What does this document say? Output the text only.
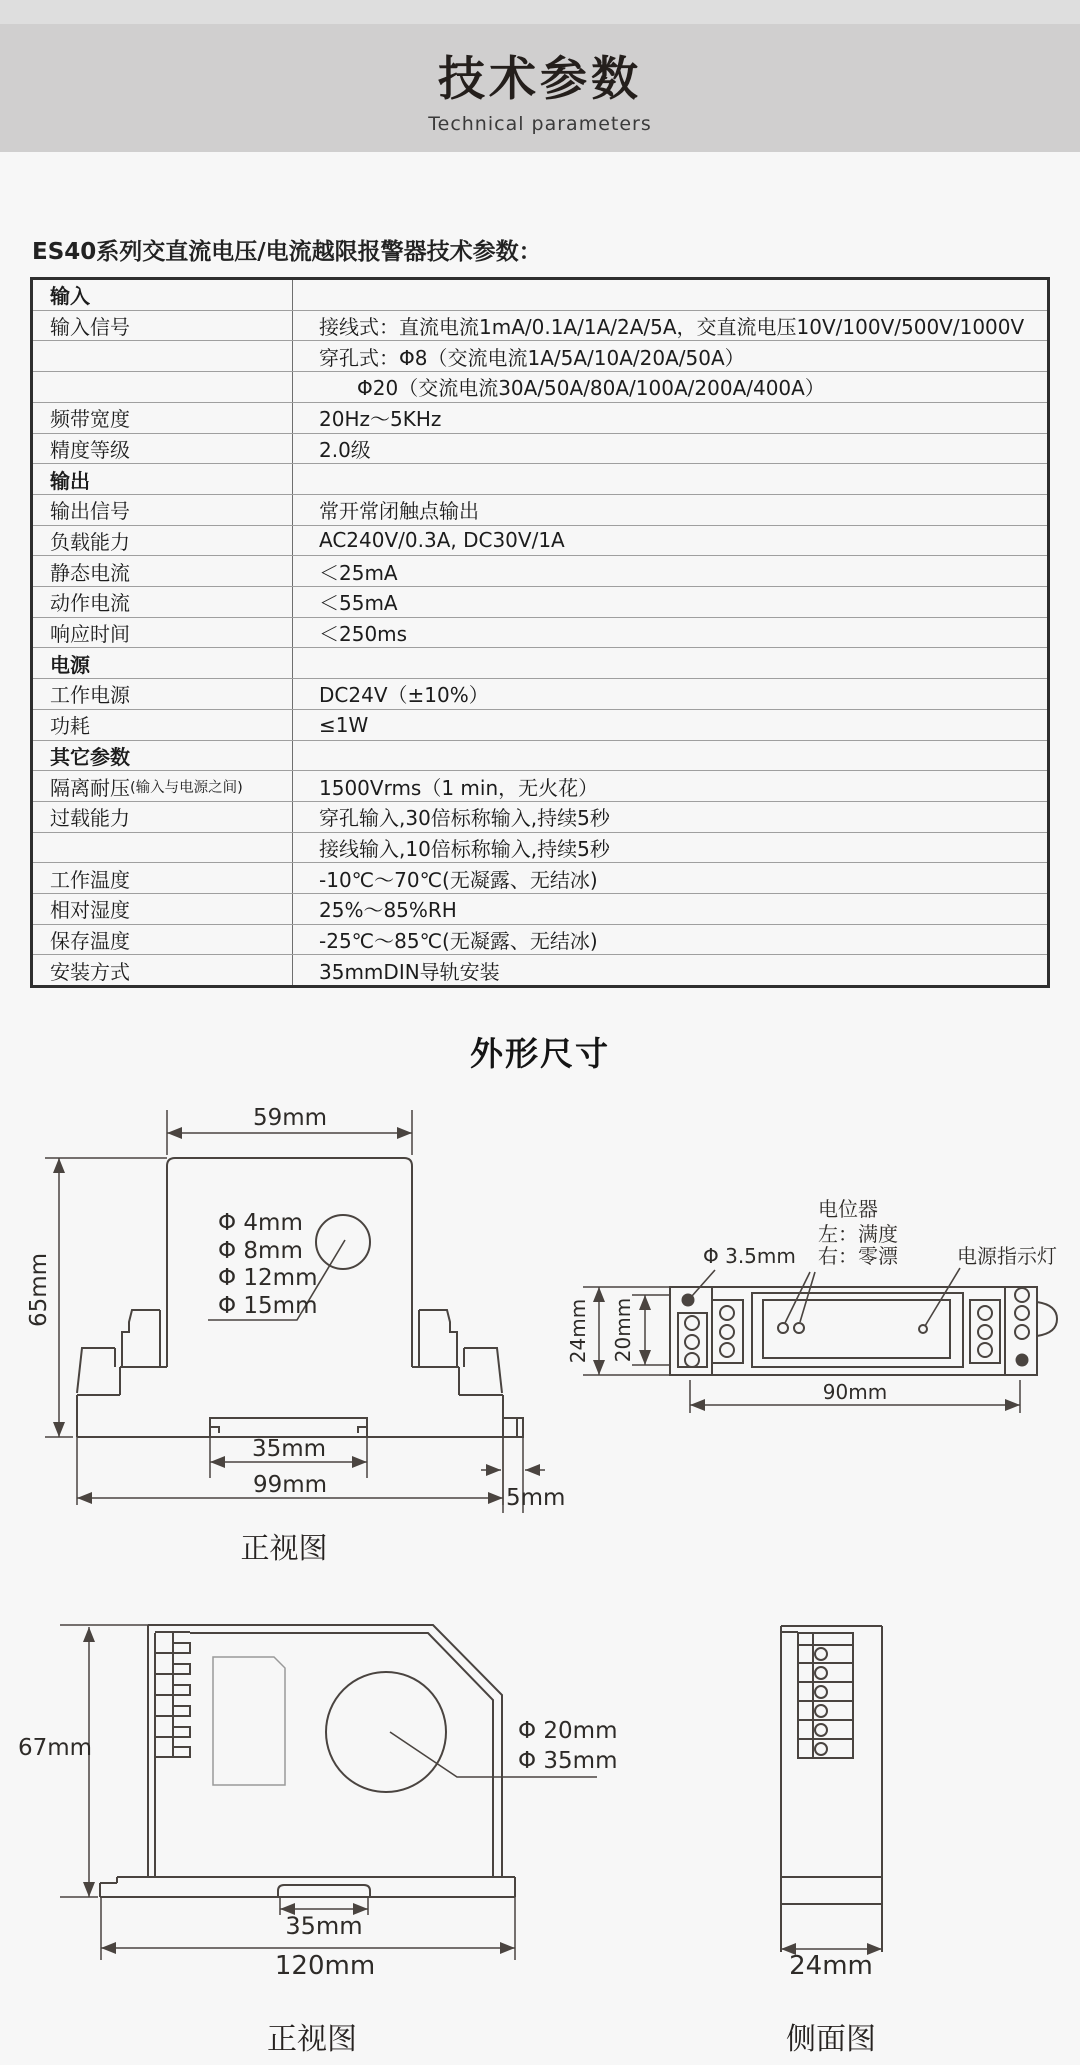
技术参数
Technical parameters
ES40系列交直流电压/电流越限报警器技术参数：
输入
输入信号	接线式：直流电流1mA/0.1A/1A/2A/5A，交直流电压10V/100V/500V/1000V
穿孔式：Φ8（交流电流1A/5A/10A/20A/50A）
Φ20（交流电流30A/50A/80A/100A/200A/400A）
频带宽度	20Hz～5KHz
精度等级	2.0级
输出
输出信号	常开常闭触点输出
负载能力	AC240V/0.3A, DC30V/1A
静态电流	＜25mA
动作电流	＜55mA
响应时间	＜250ms
电源
工作电源	DC24V（±10%）
功耗	≤1W
其它参数
隔离耐压 (输入与电源之间)	1500Vrms（1 min，无火花）
过载能力	穿孔输入,30倍标称输入,持续5秒
接线输入,10倍标称输入,持续5秒
工作温度	-10℃～70℃(无凝露、无结冰)
相对湿度	25%～85%RH
保存温度	-25℃～85℃(无凝露、无结冰)
安装方式	35mmDIN导轨安装
外形尺寸
59mm
65mm
Φ 4mm
Φ 8mm
Φ 12mm
Φ 15mm
35mm
99mm	5mm
电位器
左：满度
右：零漂
Φ 3.5mm	电源指示灯
24mm 20mm
90mm
67mm
Φ 20mm
Φ 35mm
35mm
120mm	24mm
正视图
正视图	侧面图
